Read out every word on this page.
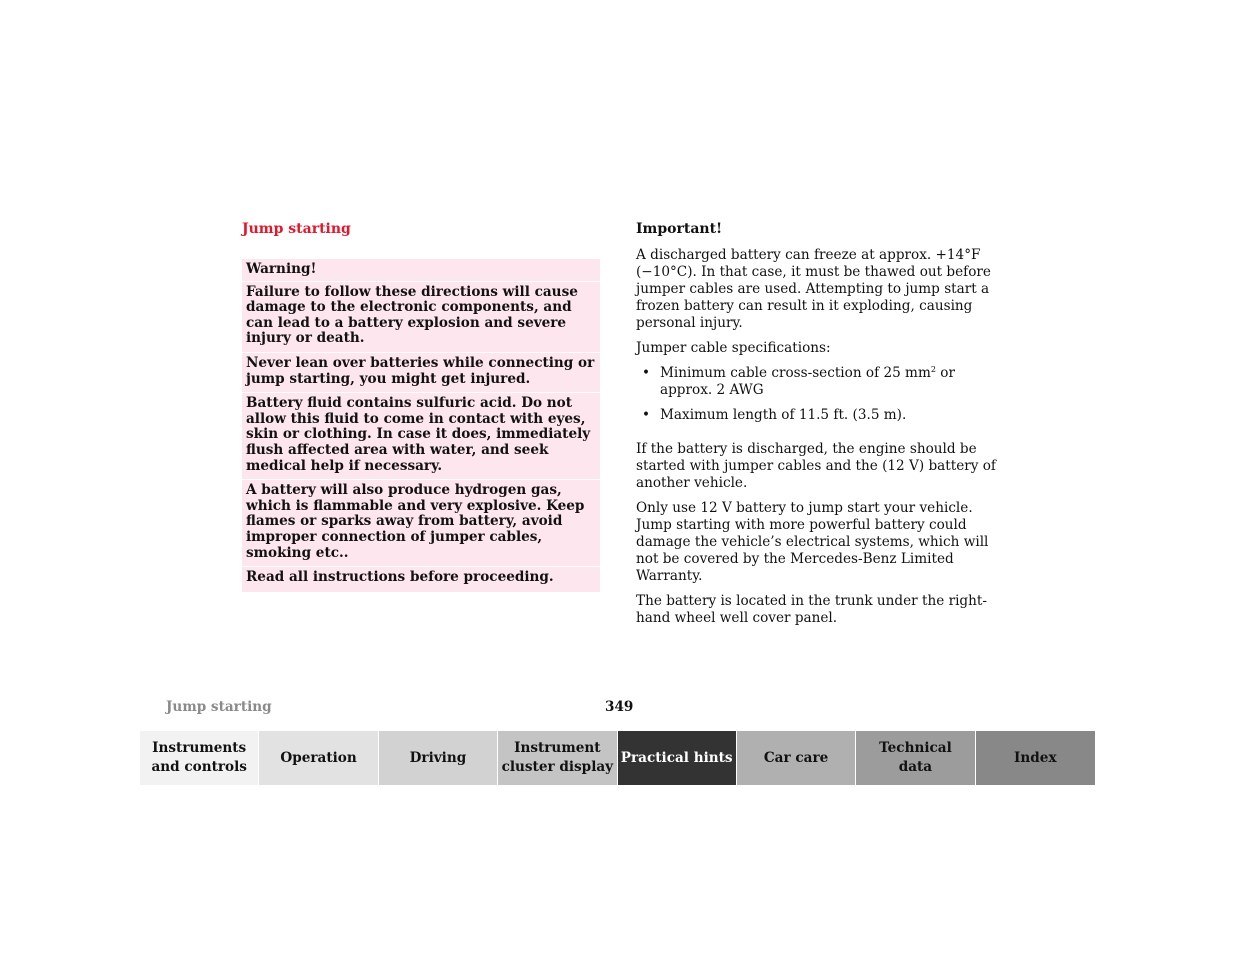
Jump starting
Warning!
Failure to follow these directions will cause damage to the electronic components, and can lead to a battery explosion and severe injury or death.
Never lean over batteries while connecting or jump starting, you might get injured.
Battery fluid contains sulfuric acid. Do not allow this fluid to come in contact with eyes, skin or clothing. In case it does, immediately flush affected area with water, and seek medical help if necessary.
A battery will also produce hydrogen gas, which is flammable and very explosive. Keep flames or sparks away from battery, avoid improper connection of jumper cables, smoking etc..
Read all instructions before proceeding.
Important!

A discharged battery can freeze at approx. +14°F (−10°C). In that case, it must be thawed out before jumper cables are used. Attempting to jump start a frozen battery can result in it exploding, causing personal injury.

Jumper cable specifications:

• Minimum cable cross-section of 25 $mm^2$ or approx. 2 AWG
• Maximum length of 11.5 ft. (3.5 m).

If the battery is discharged, the engine should be started with jumper cables and the (12 V) battery of another vehicle.

Only use 12 V battery to jump start your vehicle. Jump starting with more powerful battery could damage the vehicle’s electrical systems, which will not be covered by the Mercedes-Benz Limited Warranty.

The battery is located in the trunk under the right-hand wheel well cover panel.

Jump starting	349
Instruments
and controls
Operation	Driving
Instrument
cluster display
Practical hints	Car care
Technical
data
Index
